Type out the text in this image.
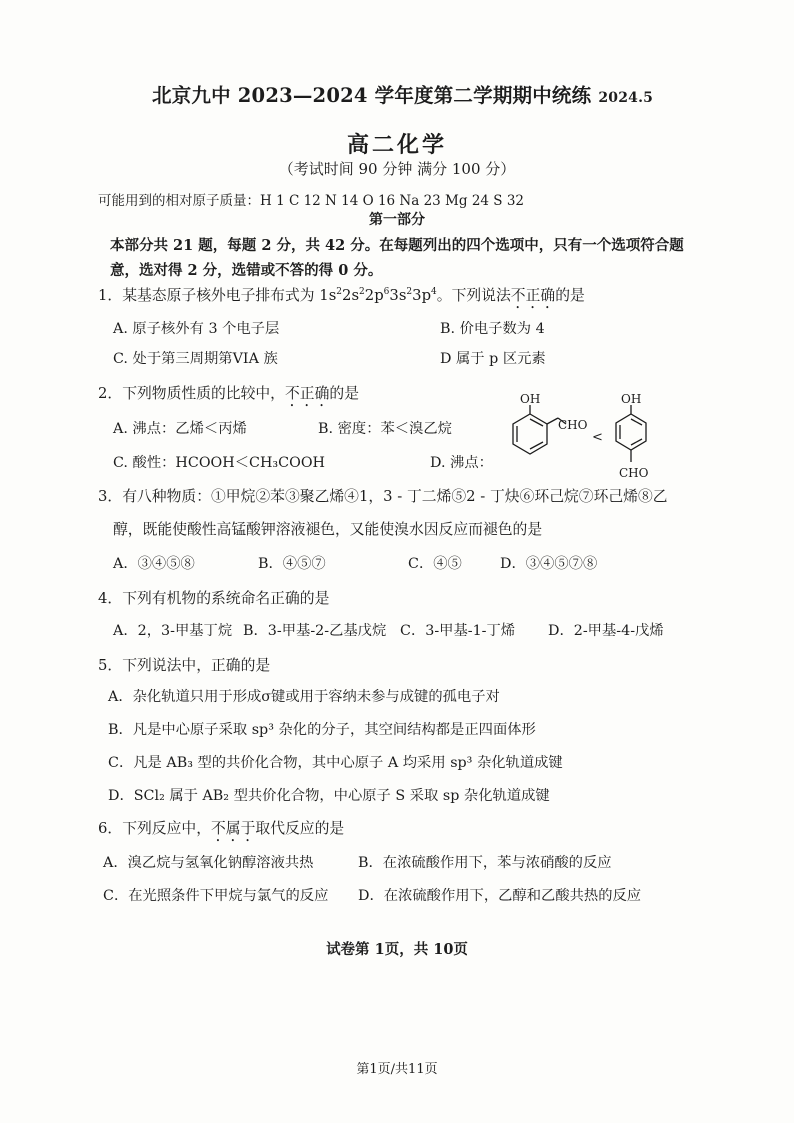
北京九中 2023—2024 学年度第二学期期中统练 2024.5
高二化学
（考试时间 90 分钟 满分 100 分）
可能用到的相对原子质量：H 1 C 12 N 14 O 16 Na 23 Mg 24 S 32
第一部分
本部分共 21 题，每题 2 分，共 42 分。在每题列出的四个选项中，只有一个选项符合题意，选对得 2 分，选错或不答的得 0 分。
1．某基态原子核外电子排布式为 $1s^22s^22p^63s^23p^4$。下列说法不正确的是
A. 原子核外有 3 个电子层	B. 价电子数为 4
C. 处于第三周期第VIA 族	D 属于 p 区元素
2．下列物质性质的比较中，不正确的是
A. 沸点：乙烯＜丙烯	B. 密度：苯＜溴乙烷
C. 酸性：HCOOH＜CH₃COOH	D. 沸点：
OH
CHO
<
OH
CHO
3．有八种物质：①甲烷②苯③聚乙烯④1，3 - 丁二烯⑤2 - 丁炔⑥环己烷⑦环己烯⑧乙
醇，既能使酸性高锰酸钾溶液褪色，又能使溴水因反应而褪色的是
A．③④⑤⑧	B．④⑤⑦	C．④⑤	D．③④⑤⑦⑧
4．下列有机物的系统命名正确的是
A．2，3-甲基丁烷 B．3-甲基-2-乙基戊烷 C．3-甲基-1-丁烯 D．2-甲基-4-戊烯
5．下列说法中，正确的是
A．杂化轨道只用于形成σ键或用于容纳未参与成键的孤电子对
B．凡是中心原子采取 sp³ 杂化的分子，其空间结构都是正四面体形
C．凡是 AB₃ 型的共价化合物，其中心原子 A 均采用 sp³ 杂化轨道成键
D．SCl₂ 属于 AB₂ 型共价化合物，中心原子 S 采取 sp 杂化轨道成键
6．下列反应中，不属于取代反应的是
A．溴乙烷与氢氧化钠醇溶液共热	B．在浓硫酸作用下，苯与浓硝酸的反应
C．在光照条件下甲烷与氯气的反应 D．在浓硫酸作用下，乙醇和乙酸共热的反应
试卷第 1页，共 10页
第1页/共11页
